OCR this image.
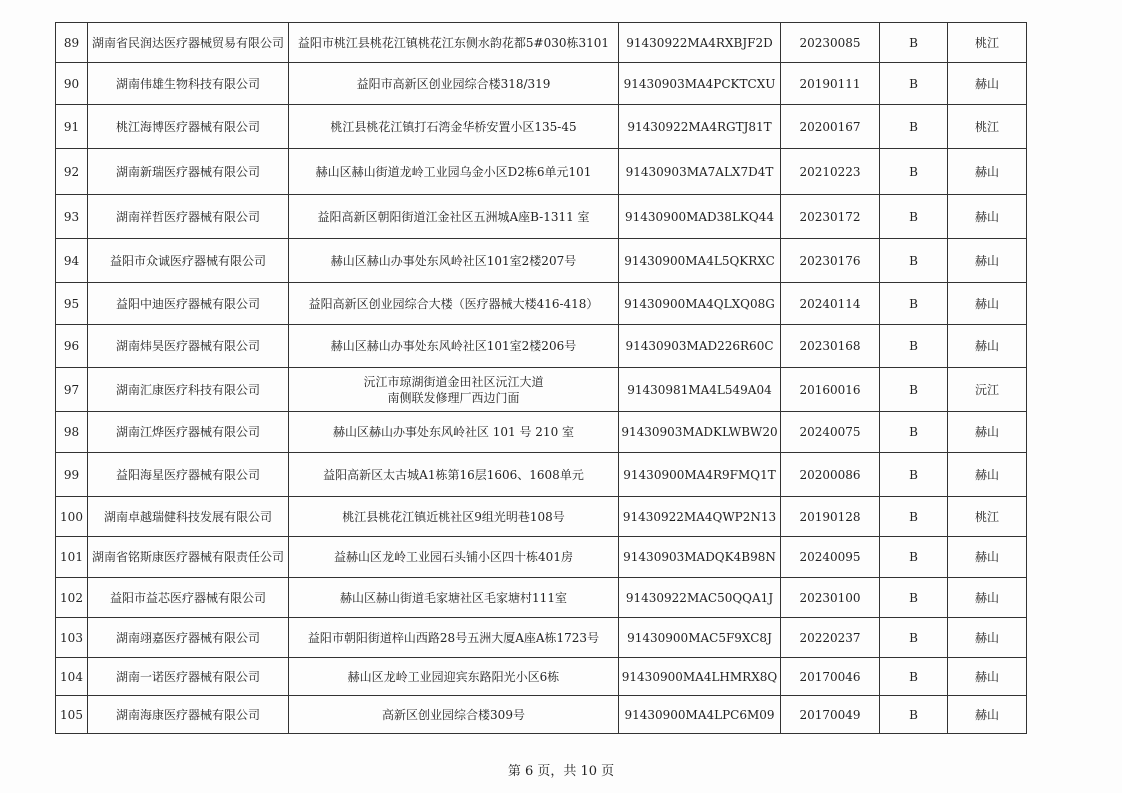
89	湖南省民润达医疗器械贸易有限公司	益阳市桃江县桃花江镇桃花江东侧水韵花都5#030栋3101	91430922MA4RXBJF2D	20230085	B	桃江
90	湖南伟雄生物科技有限公司	益阳市高新区创业园综合楼318/319	91430903MA4PCKTCXU	20190111	B	赫山
91	桃江海博医疗器械有限公司	桃江县桃花江镇打石湾金华桥安置小区135-45	91430922MA4RGTJ81T	20200167	B	桃江
92	湖南新瑞医疗器械有限公司	赫山区赫山街道龙岭工业园乌金小区D2栋6单元101	91430903MA7ALX7D4T	20210223	B	赫山
93	湖南祥哲医疗器械有限公司	益阳高新区朝阳街道江金社区五洲城A座B-1311 室	91430900MAD38LKQ44	20230172	B	赫山
94	益阳市众诚医疗器械有限公司	赫山区赫山办事处东风岭社区101室2楼207号	91430900MA4L5QKRXC	20230176	B	赫山
95	益阳中迪医疗器械有限公司	益阳高新区创业园综合大楼（医疗器械大楼416-418）	91430900MA4QLXQ08G	20240114	B	赫山
96	湖南炜昊医疗器械有限公司	赫山区赫山办事处东风岭社区101室2楼206号	91430903MAD226R60C	20230168	B	赫山
97	湖南汇康医疗科技有限公司	沅江市琼湖街道金田社区沅江大道
南侧联发修理厂西边门面	91430981MA4L549A04	20160016	B	沅江
98	湖南江烨医疗器械有限公司	赫山区赫山办事处东风岭社区 101 号 210 室	91430903MADKLWBW20	20240075	B	赫山
99	益阳海星医疗器械有限公司	益阳高新区太古城A1栋第16层1606、1608单元	91430900MA4R9FMQ1T	20200086	B	赫山
100	湖南卓越瑞健科技发展有限公司	桃江县桃花江镇近桃社区9组光明巷108号	91430922MA4QWP2N13	20190128	B	桃江
101	湖南省铭斯康医疗器械有限责任公司	益赫山区龙岭工业园石头铺小区四十栋401房	91430903MADQK4B98N	20240095	B	赫山
102	益阳市益芯医疗器械有限公司	赫山区赫山街道毛家塘社区毛家塘村111室	91430922MAC50QQA1J	20230100	B	赫山
103	湖南翊嘉医疗器械有限公司	益阳市朝阳街道梓山西路28号五洲大厦A座A栋1723号	91430900MAC5F9XC8J	20220237	B	赫山
104	湖南一诺医疗器械有限公司	赫山区龙岭工业园迎宾东路阳光小区6栋	91430900MA4LHMRX8Q	20170046	B	赫山
105	湖南海康医疗器械有限公司	高新区创业园综合楼309号	91430900MA4LPC6M09	20170049	B	赫山
第 6 页，共 10 页
